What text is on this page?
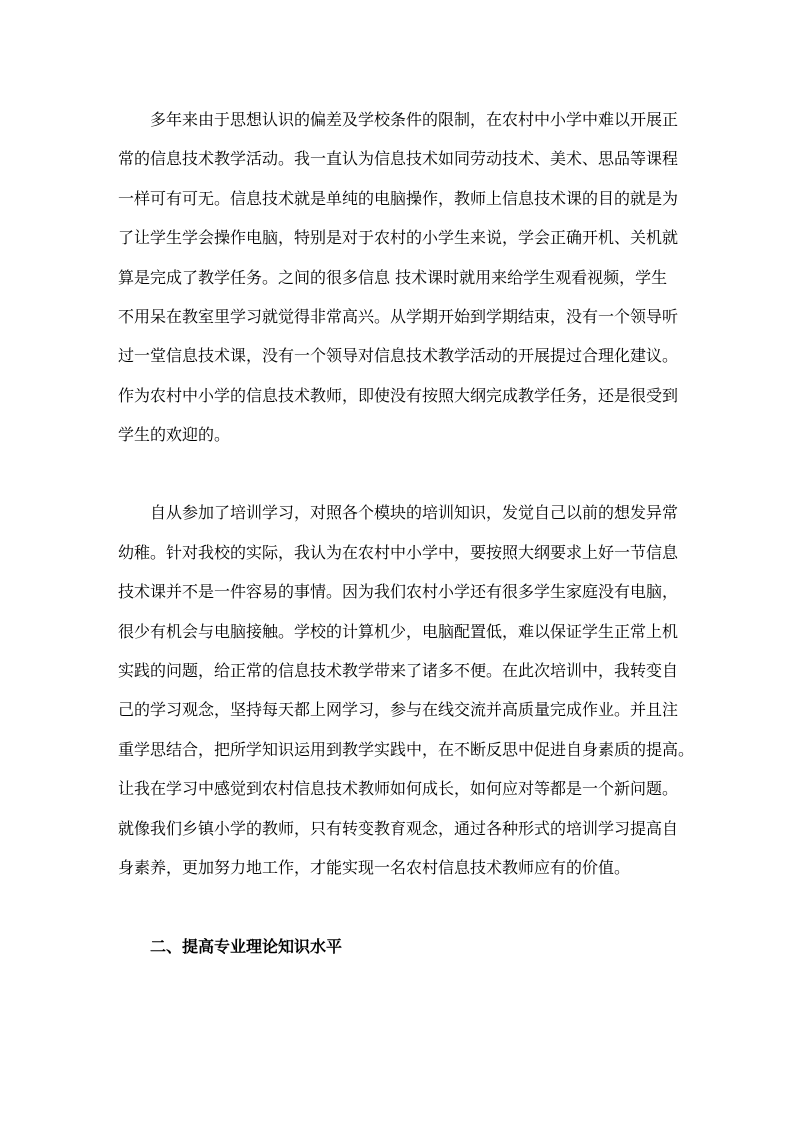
多年来由于思想认识的偏差及学校条件的限制，在农村中小学中难以开展正
常的信息技术教学活动。我一直认为信息技术如同劳动技术、美术、思品等课程
一样可有可无。信息技术就是单纯的电脑操作，教师上信息技术课的目的就是为
了让学生学会操作电脑，特别是对于农村的小学生来说，学会正确开机、关机就
算是完成了教学任务。之间的很多信息 技术课时就用来给学生观看视频，学生
不用呆在教室里学习就觉得非常高兴。从学期开始到学期结束，没有一个领导听
过一堂信息技术课，没有一个领导对信息技术教学活动的开展提过合理化建议。
作为农村中小学的信息技术教师，即使没有按照大纲完成教学任务，还是很受到
学生的欢迎的。
自从参加了培训学习，对照各个模块的培训知识，发觉自己以前的想发异常
幼稚。针对我校的实际，我认为在农村中小学中，要按照大纲要求上好一节信息
技术课并不是一件容易的事情。因为我们农村小学还有很多学生家庭没有电脑，
很少有机会与电脑接触。学校的计算机少，电脑配置低，难以保证学生正常上机
实践的问题，给正常的信息技术教学带来了诸多不便。在此次培训中，我转变自
己的学习观念，坚持每天都上网学习，参与在线交流并高质量完成作业。并且注
重学思结合，把所学知识运用到教学实践中，在不断反思中促进自身素质的提高。
让我在学习中感觉到农村信息技术教师如何成长，如何应对等都是一个新问题。
就像我们乡镇小学的教师，只有转变教育观念，通过各种形式的培训学习提高自
身素养，更加努力地工作，才能实现一名农村信息技术教师应有的价值。
二、提高专业理论知识水平
